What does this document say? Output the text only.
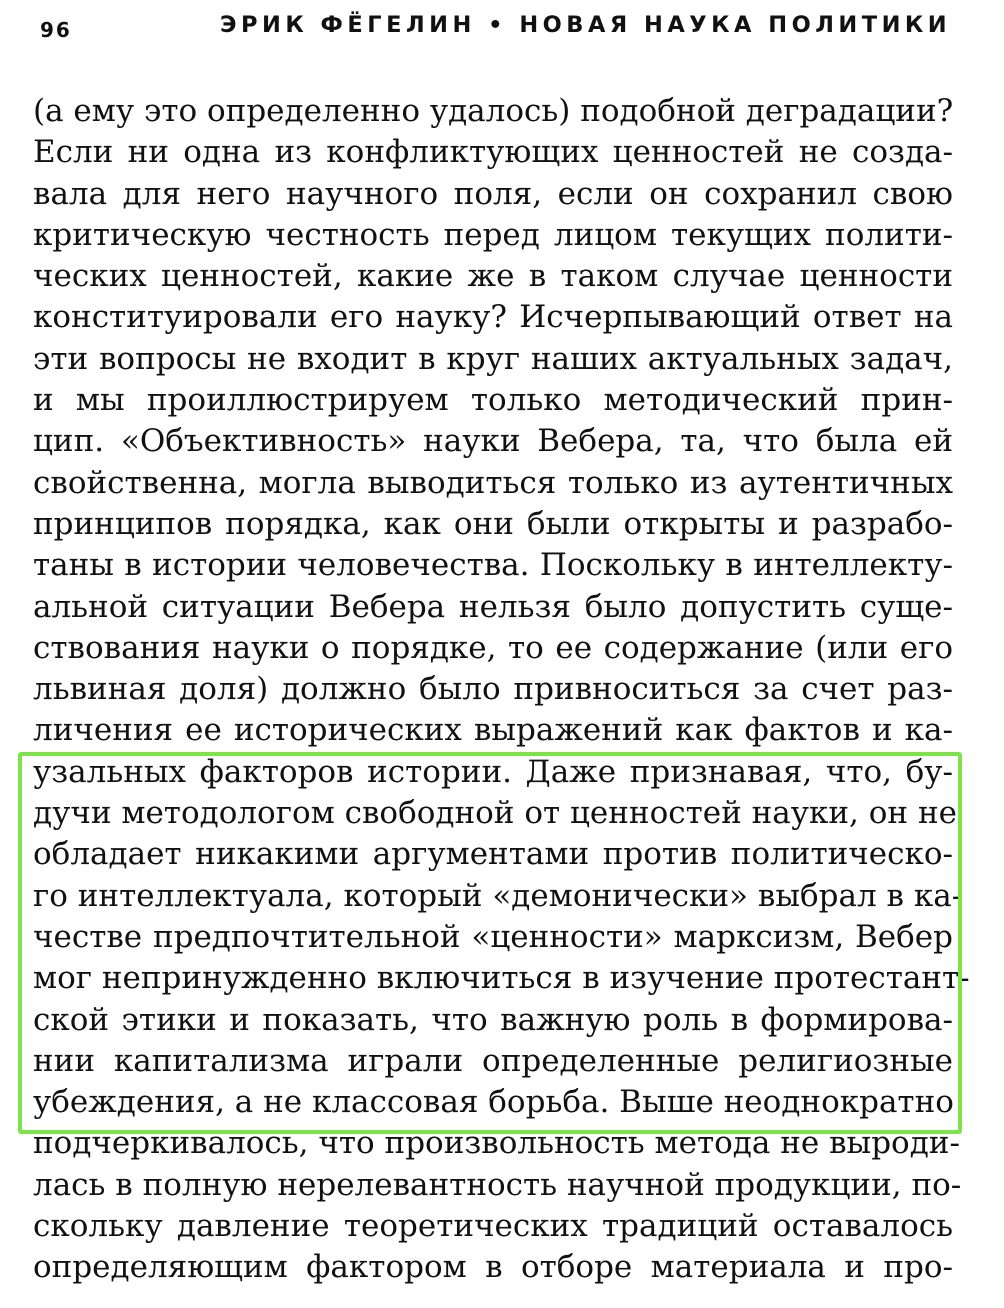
96	ЭРИК ФЁГЕЛИН • НОВАЯ НАУКА ПОЛИТИКИ
(а ему это определенно удалось) подобной деградации?
Если ни одна из конфликтующих ценностей не созда-
вала для него научного поля, если он сохранил свою
критическую честность перед лицом текущих полити-
ческих ценностей, какие же в таком случае ценности
конституировали его науку? Исчерпывающий ответ на
эти вопросы не входит в круг наших актуальных задач,
и мы проиллюстрируем только методический прин-
цип. «Объективность» науки Вебера, та, что была ей
свойственна, могла выводиться только из аутентичных
принципов порядка, как они были открыты и разрабо-
таны в истории человечества. Поскольку в интеллекту-
альной ситуации Вебера нельзя было допустить суще-
ствования науки о порядке, то ее содержание (или его
львиная доля) должно было привноситься за счет раз-
личения ее исторических выражений как фактов и ка-
узальных факторов истории. Даже признавая, что, бу-
дучи методологом свободной от ценностей науки, он не
обладает никакими аргументами против политическо-
го интеллектуала, который «демонически» выбрал в ка-
честве предпочтительной «ценности» марксизм, Вебер
мог непринужденно включиться в изучение протестант-
ской этики и показать, что важную роль в формирова-
нии капитализма играли определенные религиозные
убеждения, а не классовая борьба. Выше неоднократно
подчеркивалось, что произвольность метода не выроди-
лась в полную нерелевантность научной продукции, по-
скольку давление теоретических традиций оставалось
определяющим фактором в отборе материала и про-
